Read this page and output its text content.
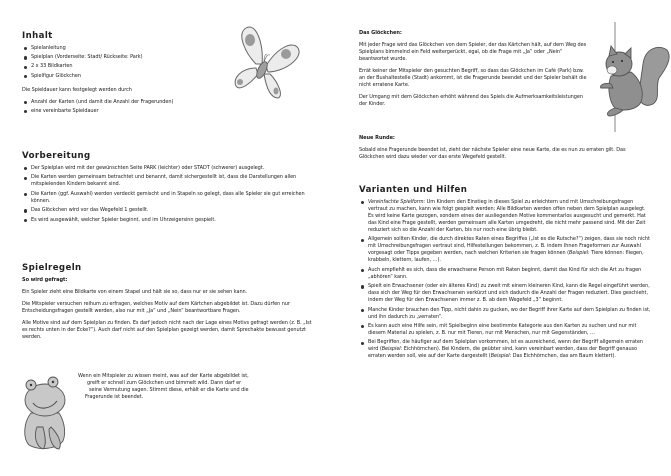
Inhalt
Spielanleitung
Spielplan (Vorderseite: Stadt/ Rückseite: Park)
2 x 33 Bildkarten
Spielfigur Glöckchen

Die Spieldauer kann festgelegt werden durch

Anzahl der Karten (und damit die Anzahl der Fragerunden)
eine vereinbarte Spieldauer
Vorbereitung
Der Spielplan wird mit der gewünschten Seite PARK (leichter) oder STADT (schwerer) ausgelegt.
Die Karten werden gemeinsam betrachtet und benannt, damit sichergestellt ist, dass die Darstellungen allen mitspielenden Kindern bekannt sind.
Die Karten (ggf. Auswahl) werden verdeckt gemischt und in Stapeln so gelegt, dass alle Spieler sie gut erreichen können.
Das Glöckchen wird vor das Wegefeld 1 gestellt.
Es wird ausgewählt, welcher Spieler beginnt, und im Uhrzeigersinn gespielt.
Spielregeln

So wird gefragt:

Ein Spieler zieht eine Bildkarte von einem Stapel und hält sie so, dass nur er sie sehen kann.

Die Mitspieler versuchen reihum zu erfragen, welches Motiv auf dem Kärtchen abgebildet ist. Dazu dürfen nur Entscheidungsfragen gestellt werden, also nur mit „Ja“ und „Nein“ beantwortbare Fragen.

Alle Motive sind auf dem Spielplan zu finden. Es darf jedoch nicht nach der Lage eines Motivs gefragt werden (z. B. „Ist es rechts unten in der Ecke?“). Auch darf nicht auf den Spielplan gezeigt werden, damit Sprechakte bewusst genutzt werden.

Wenn ein Mitspieler zu wissen meint, was auf der Karte abgebildet ist,

greift er schnell zum Glöckchen und bimmelt wild. Dann darf er

seine Vermutung sagen. Stimmt diese, erhält er die Karte und die

Fragerunde ist beendet.

Das Glöckchen:

Mit jeder Frage wird das Glöckchen von dem Spieler, der das Kärtchen hält, auf dem Weg des Spielplans bimmelnd ein Feld weitergerückt, egal, ob die Frage mit „Ja“ oder „Nein“ beantwortet wurde.

Errät keiner der Mitspieler den gesuchten Begriff, so dass das Glöckchen im Café (Park) bzw. an der Bushaltestelle (Stadt) ankommt, ist die Fragerunde beendet und der Spieler behält die nicht erratene Karte.

Der Umgang mit dem Glöckchen erhöht während des Spiels die Aufmerksamkeitsleistungen der Kinder.

Neue Runde:

Sobald eine Fragerunde beendet ist, zieht der nächste Spieler eine neue Karte, die es nun zu erraten gilt. Das Glöckchen wird dazu wieder vor das erste Wegefeld gestellt.

Varianten und Hilfen
Vereinfachte Spielform: Um Kindern den Einstieg in dieses Spiel zu erleichtern und mit Umschreibungsfragen vertraut zu machen, kann wie folgt gespielt werden: Alle Bildkarten werden offen neben dem Spielplan ausgelegt. Es wird keine Karte gezogen, sondern eines der ausliegenden Motive kommentarlos ausgesucht und gemerkt. Hat das Kind eine Frage gestellt, werden gemeinsam alle Karten umgedreht, die nicht mehr passend sind. Mit der Zeit reduziert sich so die Anzahl der Karten, bis nur noch eine übrig bleibt.
Allgemein sollten Kinder, die durch direktes Raten eines Begriffes („Ist es die Rutsche?“) zeigen, dass sie noch nicht mit Umschreibungsfragen vertraut sind, Hilfestellungen bekommen, z. B. indem Ihnen Frageformen zur Auswahl vorgesagt oder Tipps gegeben werden, nach welchen Kriterien sie fragen können (Beispiel: Tiere können: fliegen, krabbeln, klettern, laufen, …).
Auch empfiehlt es sich, dass die erwachsene Person mit Raten beginnt, damit das Kind für sich die Art zu fragen „abhören“ kann.
Spielt ein Erwachsener (oder ein älteres Kind) zu zweit mit einem kleineren Kind, kann die Regel eingeführt werden, dass sich der Weg für den Erwachsenen verkürzt und sich dadurch die Anzahl der Fragen reduziert. Dies geschieht, indem der Weg für den Erwachsenen immer z. B. ab dem Wegefeld „3“ beginnt.
Manche Kinder brauchen den Tipp, nicht dahin zu gucken, wo der Begriff ihrer Karte auf dem Spielplan zu finden ist, und ihn dadurch zu „verraten“.
Es kann auch eine Hilfe sein, mit Spielbeginn eine bestimmte Kategorie aus den Karten zu suchen und nur mit diesem Material zu spielen, z. B. nur mit Tieren, nur mit Menschen, nur mit Gegenständen, …
Bei Begriffen, die häufiger auf dem Spielplan vorkommen, ist es ausreichend, wenn der Begriff allgemein erraten wird (Beispiel: Eichhörnchen). Bei Kindern, die geübter sind, kann vereinbart werden, dass der Begriff genauso erraten werden soll, wie auf der Karte dargestellt (Beispiel: Das Eichhörnchen, das am Baum klettert).
